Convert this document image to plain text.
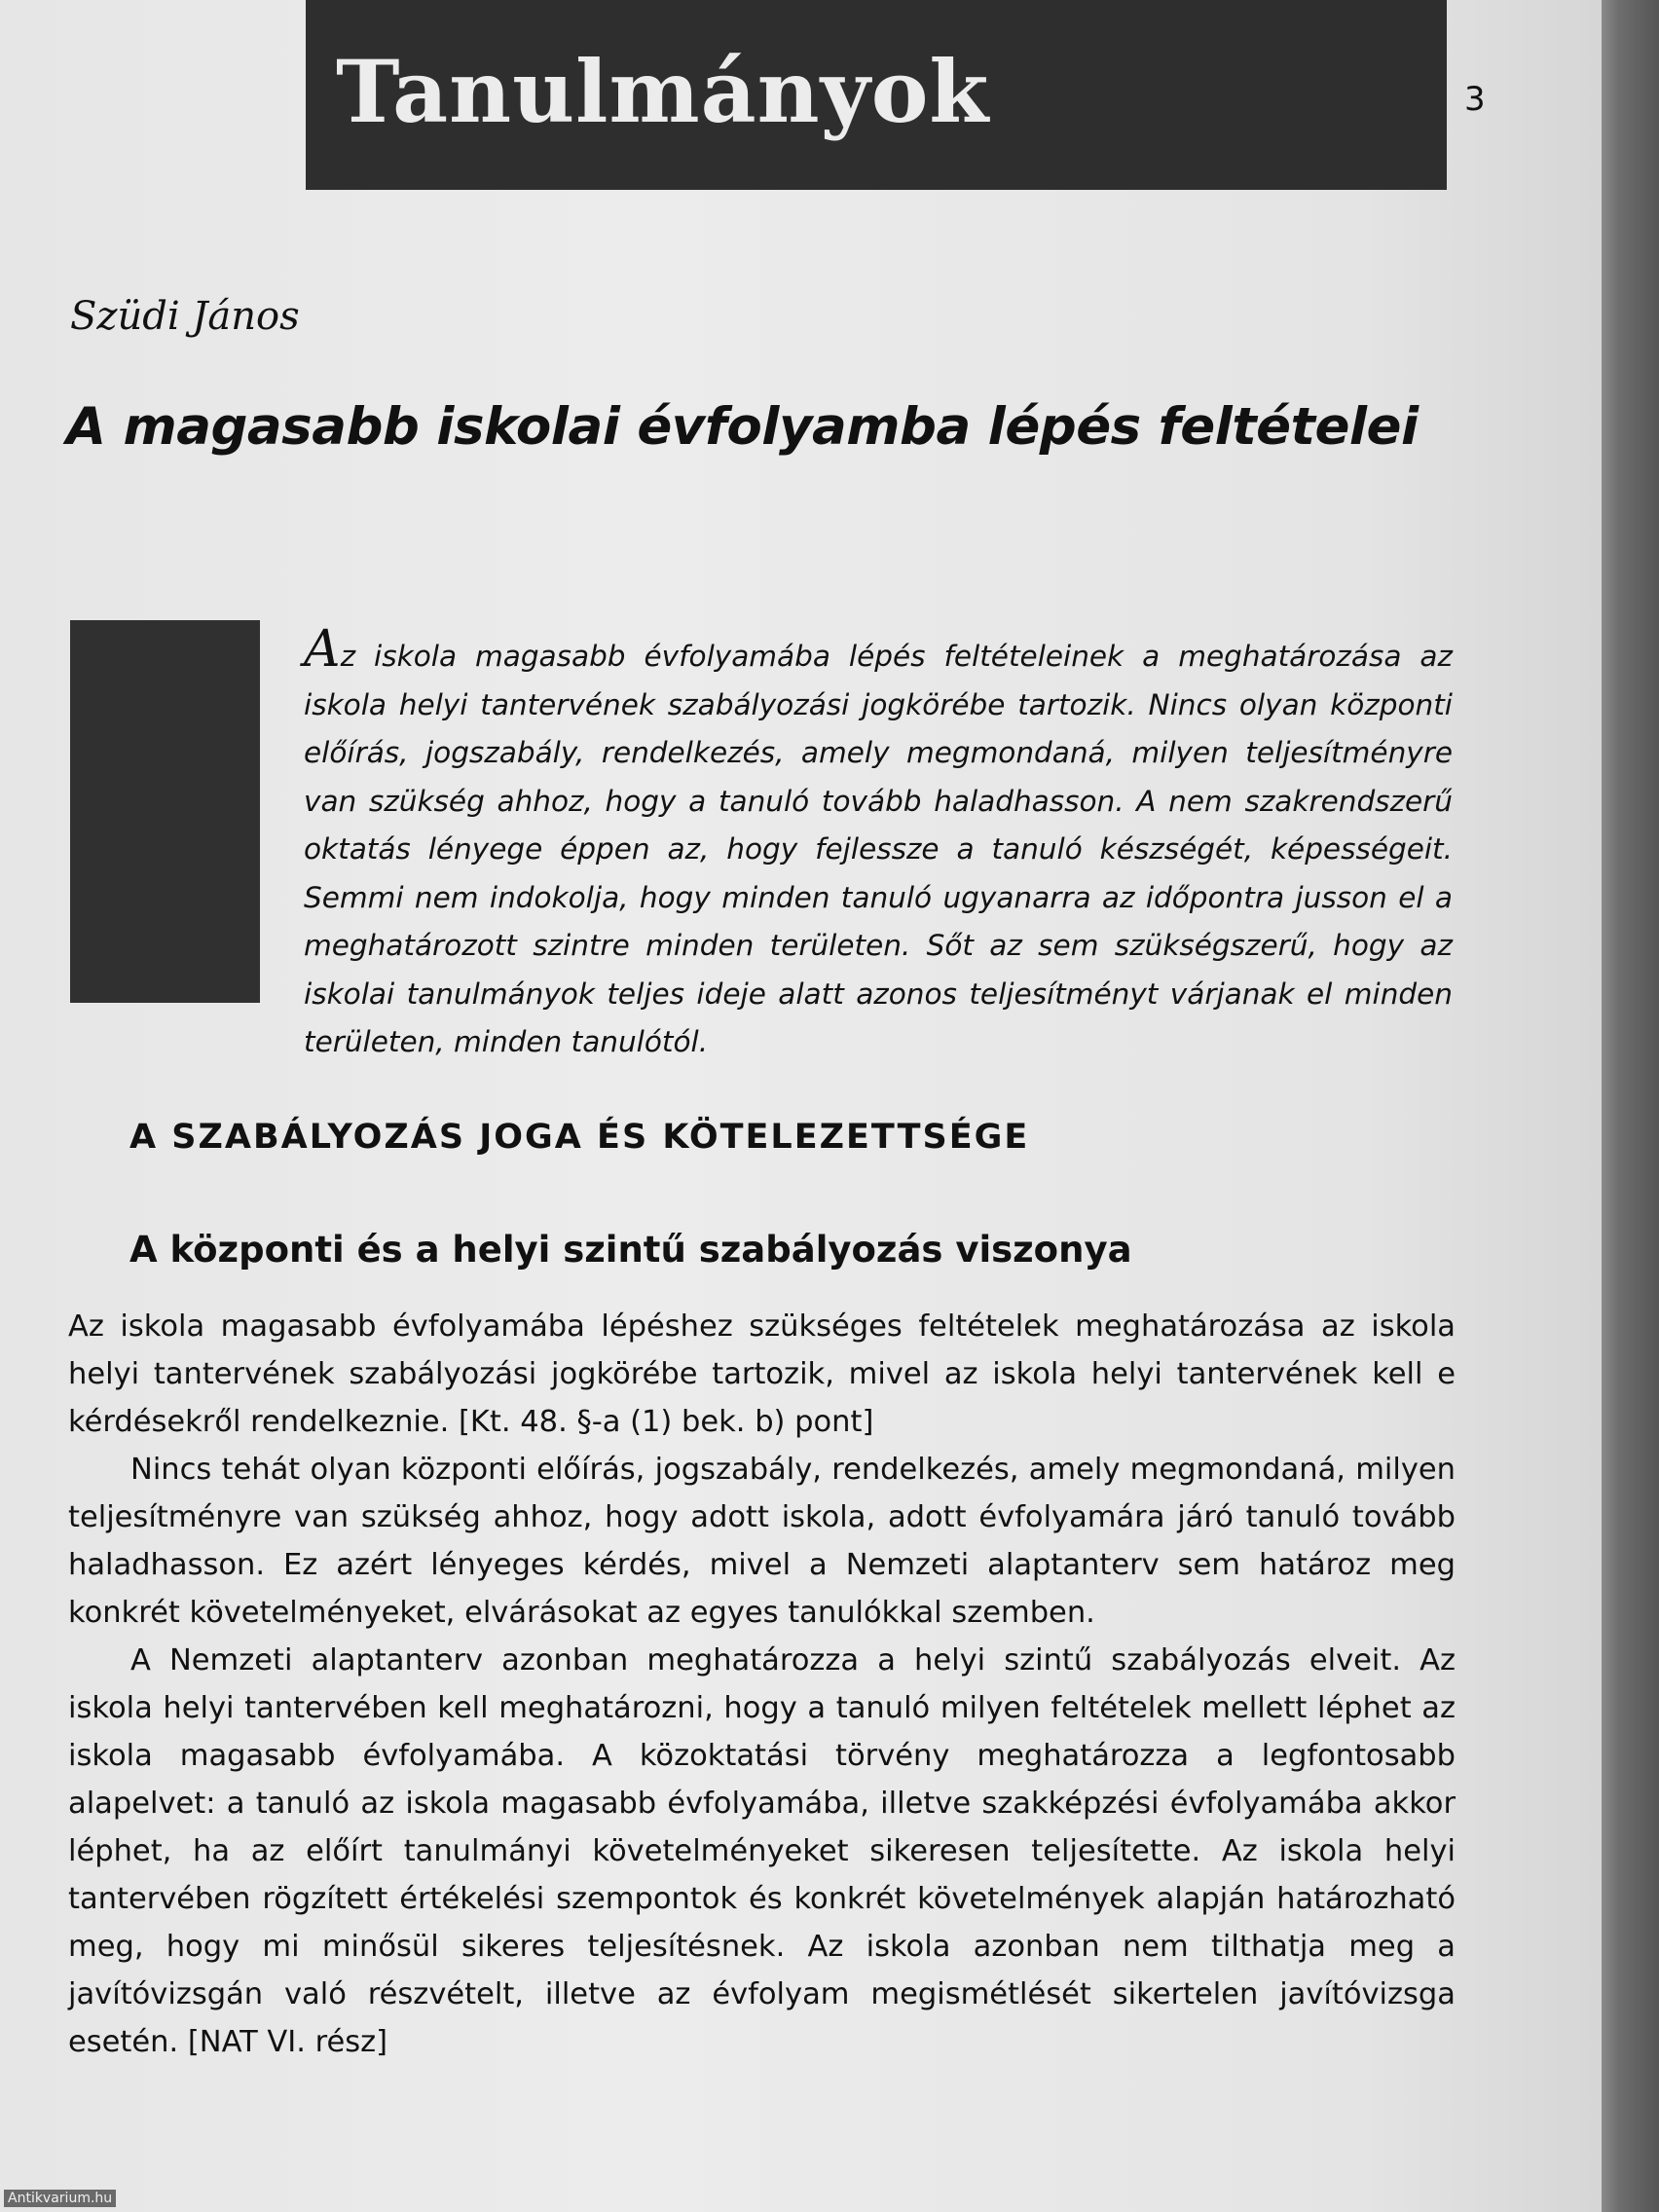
Tanulmányok	3
Szüdi János
A magasabb iskolai évfolyamba lépés feltételei
Az iskola magasabb évfolyamába lépés feltételeinek a meghatározása az iskola helyi tantervének szabályozási jogkörébe tartozik. Nincs olyan központi előírás, jogszabály, rendelkezés, amely megmondaná, milyen teljesítményre van szükség ahhoz, hogy a tanuló tovább haladhasson. A nem szakrendszerű oktatás lényege éppen az, hogy fejlessze a tanuló készségét, képességeit. Semmi nem indokolja, hogy minden tanuló ugyanarra az időpontra jusson el a meghatározott szintre minden területen. Sőt az sem szükségszerű, hogy az iskolai tanulmányok teljes ideje alatt azonos teljesítményt várjanak el minden területen, minden tanulótól.
A SZABÁLYOZÁS JOGA ÉS KÖTELEZETTSÉGE
A központi és a helyi szintű szabályozás viszonya

Az iskola magasabb évfolyamába lépéshez szükséges feltételek meghatározása az iskola helyi tantervének szabályozási jogkörébe tartozik, mivel az iskola helyi tantervének kell e kérdésekről rendelkeznie. [Kt. 48. §-a (1) bek. b) pont]

Nincs tehát olyan központi előírás, jogszabály, rendelkezés, amely megmondaná, milyen teljesítményre van szükség ahhoz, hogy adott iskola, adott évfolyamára járó tanuló tovább haladhasson. Ez azért lényeges kérdés, mivel a Nemzeti alaptanterv sem határoz meg konkrét követelményeket, elvárásokat az egyes tanulókkal szemben.

A Nemzeti alaptanterv azonban meghatározza a helyi szintű szabályozás elveit. Az iskola helyi tantervében kell meghatározni, hogy a tanuló milyen feltételek mellett léphet az iskola magasabb évfolyamába. A közoktatási törvény meghatározza a legfontosabb alapelvet: a tanuló az iskola magasabb évfolyamába, illetve szakképzési évfolyamába akkor léphet, ha az előírt tanulmányi követelményeket sikeresen teljesítette. Az iskola helyi tantervében rögzített értékelési szempontok és konkrét követelmények alapján határozható meg, hogy mi minősül sikeres teljesítésnek. Az iskola azonban nem tilthatja meg a javítóvizsgán való részvételt, illetve az évfolyam megismétlését sikertelen javítóvizsga esetén. [NAT VI. rész]

Antikvarium.hu
